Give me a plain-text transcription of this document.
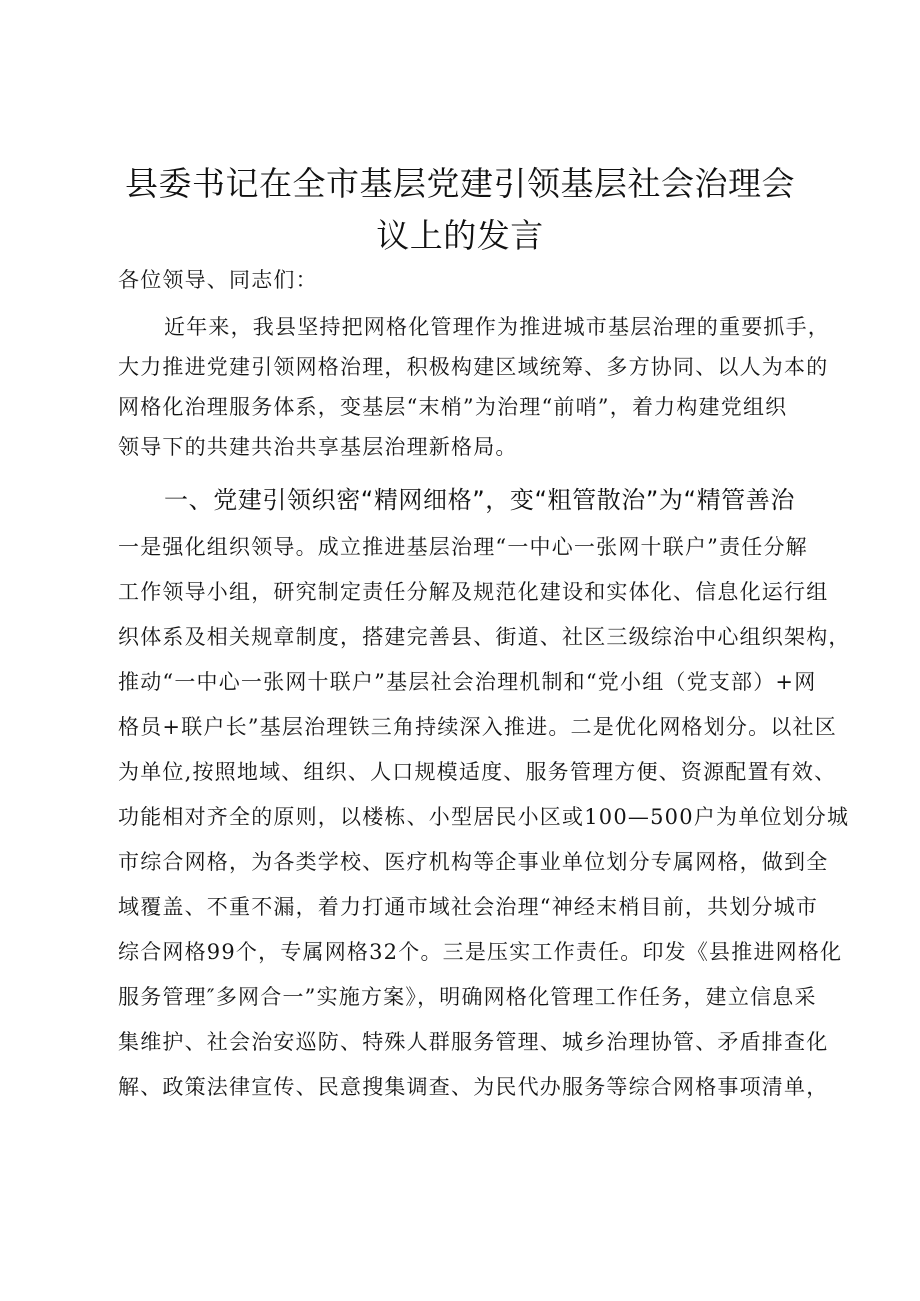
县委书记在全市基层党建引领基层社会治理会
议上的发言
各位领导、同志们：
近年来，我县坚持把网格化管理作为推进城市基层治理的重要抓手，
大力推进党建引领网格治理，积极构建区域统筹、多方协同、以人为本的
网格化治理服务体系，变基层“末梢”为治理“前哨”，着力构建党组织
领导下的共建共治共享基层治理新格局。
一、党建引领织密“精网细格”，变“粗管散治”为“精管善治
一是强化组织领导。成立推进基层治理“一中心一张网十联户”责任分解
工作领导小组，研究制定责任分解及规范化建设和实体化、信息化运行组
织体系及相关规章制度，搭建完善县、街道、社区三级综治中心组织架构，
推动“一中心一张网十联户”基层社会治理机制和“党小组（党支部）+网
格员+联户长”基层治理铁三角持续深入推进。二是优化网格划分。以社区
为单位,按照地域、组织、人口规模适度、服务管理方便、资源配置有效、
功能相对齐全的原则，以楼栋、小型居民小区或100—500户为单位划分城
市综合网格，为各类学校、医疗机构等企事业单位划分专属网格，做到全
域覆盖、不重不漏，着力打通市域社会治理“神经末梢目前，共划分城市
综合网格99个，专属网格32个。三是压实工作责任。印发《县推进网格化
服务管理″多网合一”实施方案》，明确网格化管理工作任务，建立信息采
集维护、社会治安巡防、特殊人群服务管理、城乡治理协管、矛盾排查化
解、政策法律宣传、民意搜集调查、为民代办服务等综合网格事项清单，
